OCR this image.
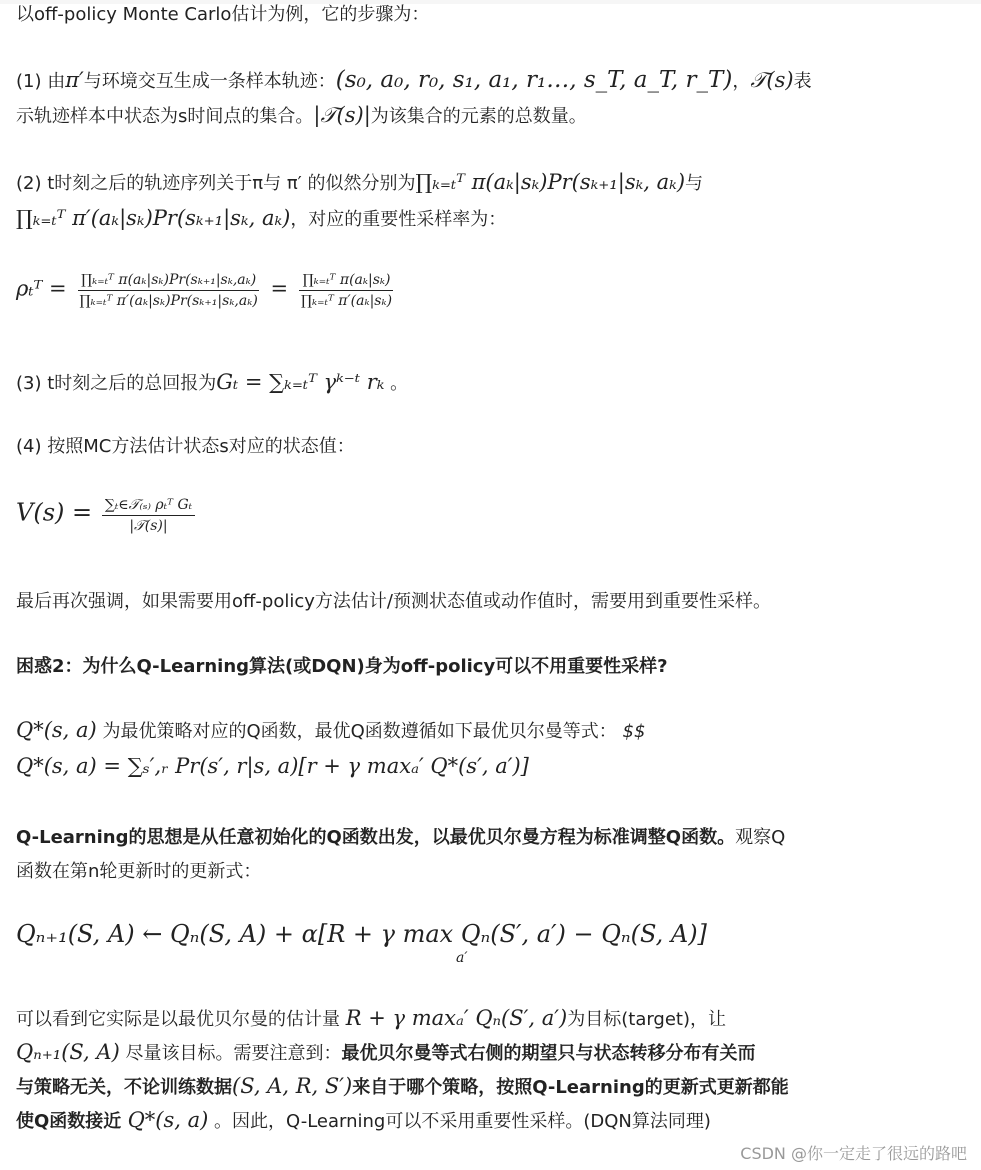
以off-policy Monte Carlo估计为例，它的步骤为：
(1) 由π′与环境交互生成一条样本轨迹：(s₀, a₀, r₀, s₁, a₁, r₁…, s_T, a_T, r_T)，𝒯(s)表
示轨迹样本中状态为s时间点的集合。|𝒯(s)|为该集合的元素的总数量。
(2) t时刻之后的轨迹序列关于π与 π′ 的似然分别为∏ₖ₌ₜᵀ π(aₖ|sₖ)Pr(sₖ₊₁|sₖ, aₖ)与
∏ₖ₌ₜᵀ π′(aₖ|sₖ)Pr(sₖ₊₁|sₖ, aₖ)，对应的重要性采样率为：
ρₜᵀ = $\frac{\text{∏ₖ₌ₜᵀ π(aₖ|sₖ)Pr(sₖ₊₁|sₖ,aₖ)}}{\text{∏ₖ₌ₜᵀ π′(aₖ|sₖ)Pr(sₖ₊₁|sₖ,aₖ)}} = \frac{\text{∏ₖ₌ₜᵀ π(aₖ|sₖ)}}{\text{∏ₖ₌ₜᵀ π′(aₖ|sₖ)}}$
(3) t时刻之后的总回报为Gₜ = ∑ₖ₌ₜᵀ γᵏ⁻ᵗ rₖ 。
(4) 按照MC方法估计状态s对应的状态值：
$V(s) = \frac{\text{∑ₜ∈𝒯₍ₛ₎ ρₜᵀ Gₜ}}{\text{|𝒯(s)|}}$
最后再次强调，如果需要用off-policy方法估计/预测状态值或动作值时，需要用到重要性采样。
困惑2：为什么Q-Learning算法(或DQN)身为off-policy可以不用重要性采样?
Q*(s, a) 为最优策略对应的Q函数，最优Q函数遵循如下最优贝尔曼等式： $$
Q*(s, a) = ∑ₛ′,ᵣ Pr(s′, r|s, a)[r + γ maxₐ′ Q*(s′, a′)]
Q-Learning的思想是从任意初始化的Q函数出发，以最优贝尔曼方程为标准调整Q函数。观察Q
函数在第n轮更新时的更新式：
Qₙ₊₁(S, A) ← Qₙ(S, A) + α[R + γ max Qₙ(S′, a′) − Qₙ(S, A)]
a′
可以看到它实际是以最优贝尔曼的估计量 R + γ maxₐ′ Qₙ(S′, a′)为目标(target)，让
Qₙ₊₁(S, A) 尽量该目标。需要注意到：最优贝尔曼等式右侧的期望只与状态转移分布有关而
与策略无关，不论训练数据(S, A, R, S′)来自于哪个策略，按照Q-Learning的更新式更新都能
使Q函数接近 Q*(s, a) 。因此，Q-Learning可以不采用重要性采样。(DQN算法同理)
CSDN @你一定走了很远的路吧
